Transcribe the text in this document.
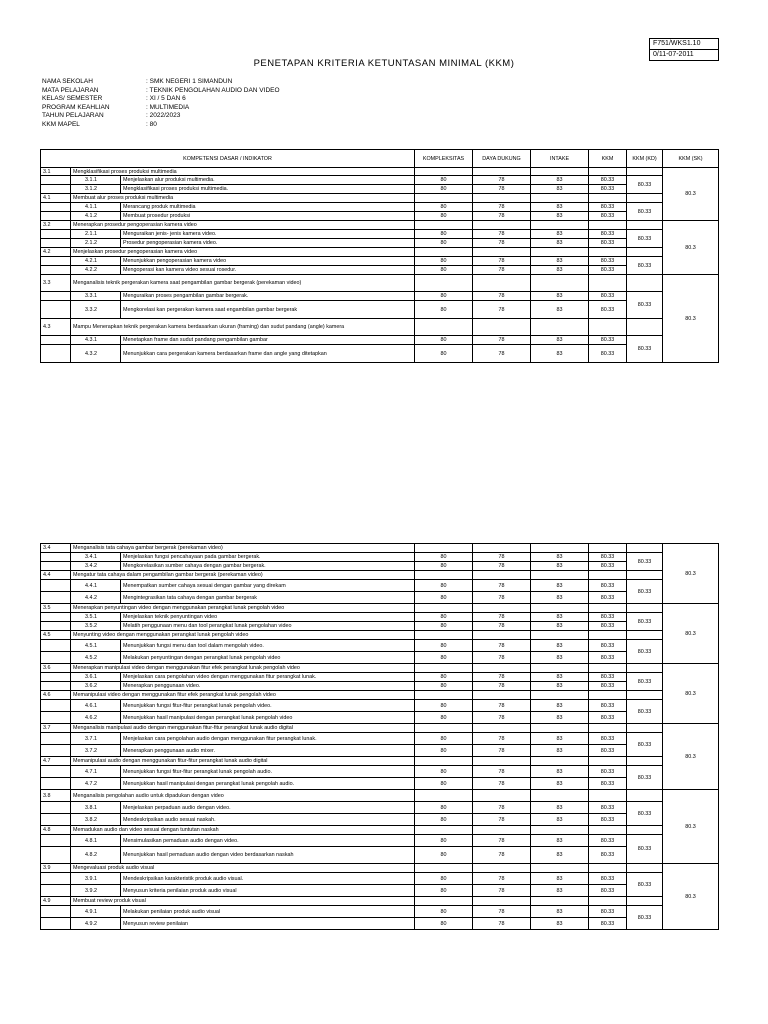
F751/WKS1.10
0/11-07-2011
PENETAPAN KRITERIA KETUNTASAN MINIMAL (KKM)
NAMA SEKOLAH	: SMK NEGERI 1 SIMANDUN
MATA PELAJARAN	: TEKNIK PENGOLAHAN AUDIO DAN VIDEO
KELAS/ SEMESTER	: XI / 5 DAN 6
PROGRAM KEAHLIAN	: MULTIMEDIA
TAHUN PELAJARAN	: 2022/2023
KKM MAPEL	: 80
KOMPETENSI DASAR / INDIKATOR			KOMPLEKSITAS	DAYA DUKUNG	INTAKE	KKM	KKM (KD)	KKM (SK)
3.1	Mengklasifikasi proses produksi multimedia							80.3
	3.1.1	Menjelaskan alur produksi multimedia.	80	78	83	80.33	80.33	
	3.1.2	Mengklasifikasi proses produksi multimedia.	80	78	83	80.33		
4.1	Membuat alur proses produksi multimedia							
	4.1.1	Merancang produk multimedia	80	78	83	80.33	80.33	
	4.1.2	Membuat prosedur produksi	80	78	83	80.33		
3.2	Menerapkan prosedur pengoperasian kamera video							80.3
	2.1.1	Menguraikan jenis- jenis kamera video.	80	78	83	80.33	80.33	
	2.1.2	Prosedur pengoperasian kamera video.	80	78	83	80.33		
4.2	Menjelaskan prosedur pengoperasian kamera video							
	4.2.1	Menunjukkan pengoperasian kamera video	80	78	83	80.33	80.33	
	4.2.2	Mengoperasi kan kamera video sesuai rosedur.	80	78	83	80.33		
3.3	Menganalisis teknik pergerakan kamera saat pengambilan gambar bergerak (perekaman video)							80.3
	3.3.1	Menguraikan proses pengambilan gambar bergerak.	80	78	83	80.33	80.33	
	3.3.2	Mengkorelasi kan pergerakan kamera saat engambilan gambar bergerak	80	78	83	80.33		
4.3	Mampu Menerapkan teknik pergerakan kamera berdasarkan ukuran (framing) dan sudut pandang (angle) kamera							
	4.3.1	Menetapkan frame dan sudut pandang pengambilan gambar	80	78	83	80.33	80.33	
	4.3.2	Menunjukkan cara pergerakan kamera berdasarkan frame dan angle yang ditetapkan	80	78	83	80.33		
3.4	Menganalisis tata cahaya gambar bergerak (perekaman video)							80.3
	3.4.1	Menjelaskan fungsi pencahayaan pada gambar bergerak.	80	78	83	80.33	80.33	
	3.4.2	Mengkorelasikan sumber cahaya dengan gambar bergerak.	80	78	83	80.33		
4.4	Mengatur tata cahaya dalam pengambilan gambar bergerak (perekaman video)							
	4.4.1	Menempatkan sumber cahaya sesuai dengan gambar yang direkam	80	78	83	80.33	80.33	
	4.4.2	Mengintegrasikan tata cahaya dengan gambar bergerak	80	78	83	80.33		
3.5	Menerapkan penyuntingan video dengan menggunakan perangkat lunak pengolah video							80.3
	3.5.1	Menjelaskan teknik penyuntingan video	80	78	83	80.33	80.33	
	3.5.2	Melatih penggunaan menu dan tool perangkat lunak pengolahan video	80	78	83	80.33		
4.5	Menyunting video dengan menggunakan perangkat lunak pengolah video							
	4.5.1	Menunjukkan fungsi menu dan tool dalam mengolah video.	80	78	83	80.33	80.33	
	4.5.2	Melakukan penyuntingan dengan perangkat lunak pengolah video	80	78	83	80.33		
3.6	Menerapkan manipulasi video dengan menggunakan fitur efek perangkat lunak pengolah video							80.3
	3.6.1	Menjelaskan cara pengolahan video dengan menggunakan fitur perangkat lunak.	80	78	83	80.33	80.33	
	3.6.2	Menerapkan penggunaan video.	80	78	83	80.33		
4.6	Memanipulasi video dengan menggunakan fitur efek perangkat lunak pengolah video							
	4.6.1	Menunjukkan fungsi fitur-fitur perangkat lunak pengolah video.	80	78	83	80.33	80.33	
	4.6.2	Menunjukkan hasil manipulasi dengan perangkat lunak pengolah video	80	78	83	80.33		
3.7	Menganalisis manipulasi audio dengan menggunakan fitur-fitur perangkat lunak audio digital							80.3
	3.7.1	Menjelaskan cara pengolahan audio dengan menggunakan fitur perangkat lunak.	80	78	83	80.33	80.33	
	3.7.2	Menerapkan penggunaan audio mixer.	80	78	83	80.33		
4.7	Memanipulasi audio dengan menggunakan fitur-fitur perangkat lunak audio digital							
	4.7.1	Menunjukkan fungsi fitur-fitur perangkat lunak pengolah audio.	80	78	83	80.33	80.33	
	4.7.2	Menunjukkan hasil manipulasi dengan perangkat lunak pengolah audio.	80	78	83	80.33		
3.8	Menganalisis pengolahan audio untuk dipadukan dengan video							80.3
	3.8.1	Menjelaskan perpaduan audio dengan video.	80	78	83	80.33	80.33	
	3.8.2	Mendeskripsikan audio sesuai naskah.	80	78	83	80.33		
4.8	Memadukan audio dan video sesuai dengan tuntutan naskah							
	4.8.1	Mensimulasikan pemaduan audio dengan video.	80	78	83	80.33	80.33	
	4.8.2	Menunjukkan hasil pemaduan audio dengan video berdasarkan naskah	80	78	83	80.33		
3.9	Mengevaluasi produk audio visual							80.3
	3.9.1	Mendeskripsikan karakteristik produk audio visual.	80	78	83	80.33	80.33	
	3.9.2	Menyusun kriteria penilaian produk audio visual	80	78	83	80.33		
4.9	Membuat review produk visual							
	4.9.1	Melakukan penilaian produk audio visual	80	78	83	80.33	80.33	
	4.9.2	Menyusun review penilaian	80	78	83	80.33		
